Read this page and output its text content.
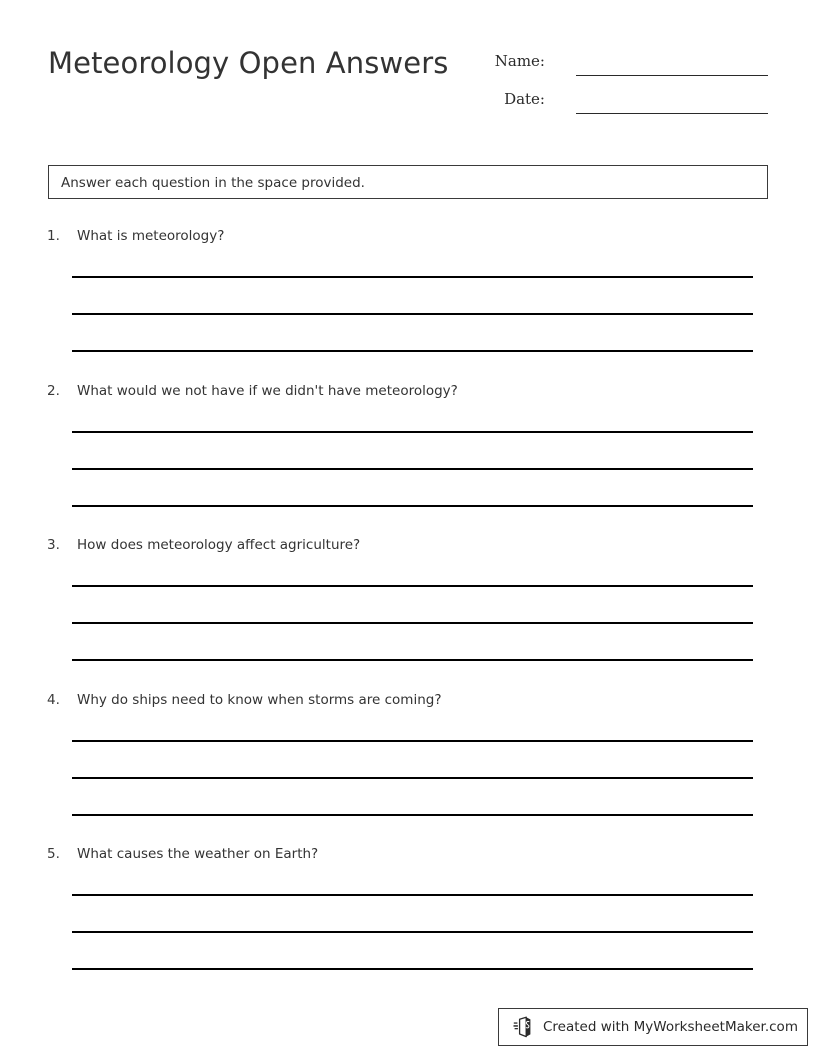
Meteorology Open Answers	Name:
Date:
Answer each question in the space provided.
1. What is meteorology?
2. What would we not have if we didn't have meteorology?
3. How does meteorology affect agriculture?
4. Why do ships need to know when storms are coming?
5. What causes the weather on Earth?
Created with MyWorksheetMaker.com
